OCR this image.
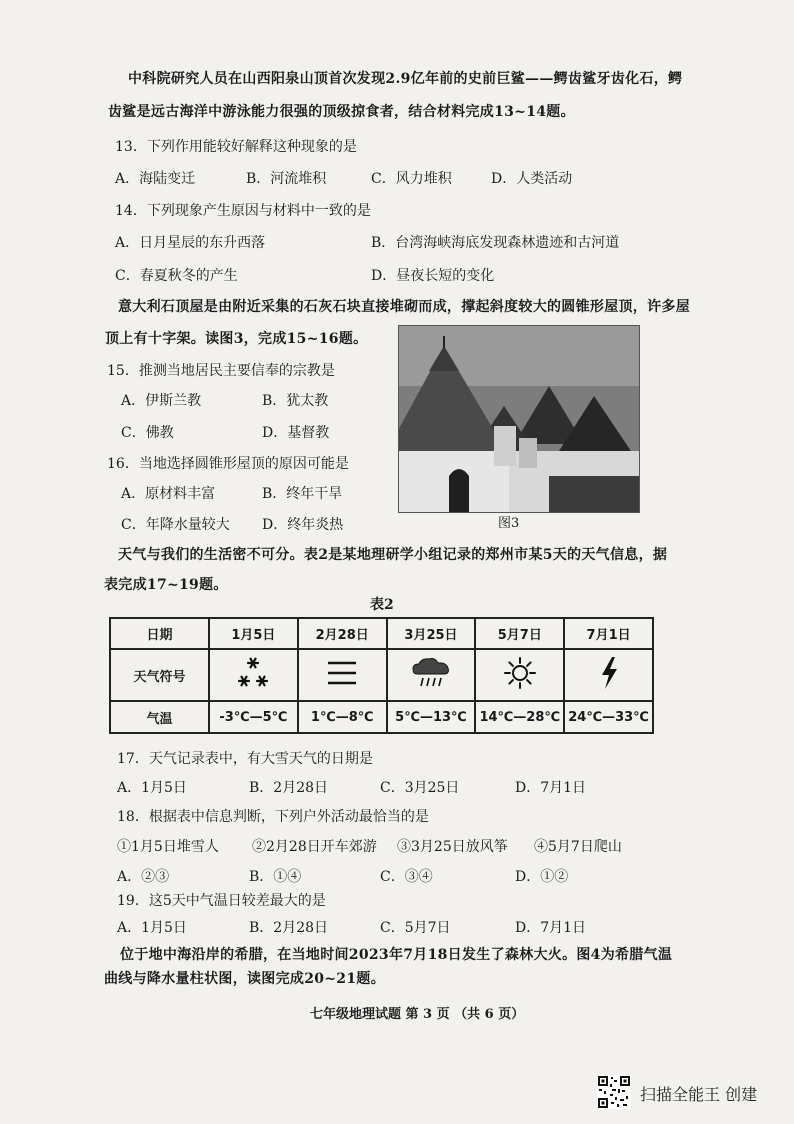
中科院研究人员在山西阳泉山顶首次发现2.9亿年前的史前巨鲨——鳄齿鲨牙齿化石，鳄
齿鲨是远古海洋中游泳能力很强的顶级掠食者，结合材料完成13~14题。
13．下列作用能较好解释这种现象的是
A．海陆变迁	B．河流堆积	C．风力堆积	D．人类活动
14．下列现象产生原因与材料中一致的是
A．日月星辰的东升西落	B．台湾海峡海底发现森林遗迹和古河道
C．春夏秋冬的产生	D．昼夜长短的变化
意大利石顶屋是由附近采集的石灰石块直接堆砌而成，撑起斜度较大的圆锥形屋顶，许多屋
顶上有十字架。读图3，完成15~16题。
15．推测当地居民主要信奉的宗教是
A．伊斯兰教	B．犹太教
C．佛教	D．基督教
16．当地选择圆锥形屋顶的原因可能是
A．原材料丰富	B．终年干旱
C．年降水量较大 D．终年炎热	图3
天气与我们的生活密不可分。表2是某地理研学小组记录的郑州市某5天的天气信息，据
表完成17~19题。
表2
日期	1月5日	2月28日	3月25日	5月7日	7月1日
天气符号					
气温	-3℃—5℃	1℃—8℃	5℃—13℃	14℃—28℃	24℃—33℃
17．天气记录表中，有大雪天气的日期是
A．1月5日	B．2月28日	C．3月25日	D．7月1日
18．根据表中信息判断，下列户外活动最恰当的是
①1月5日堆雪人 ②2月28日开车郊游 ③3月25日放风筝 ④5月7日爬山
A．②③	B．①④	C．③④	D．①②
19．这5天中气温日较差最大的是
A．1月5日	B．2月28日	C．5月7日	D．7月1日
位于地中海沿岸的希腊，在当地时间2023年7月18日发生了森林大火。图4为希腊气温
曲线与降水量柱状图，读图完成20~21题。
七年级地理试题 第 3 页 （共 6 页）
扫描全能王 创建
